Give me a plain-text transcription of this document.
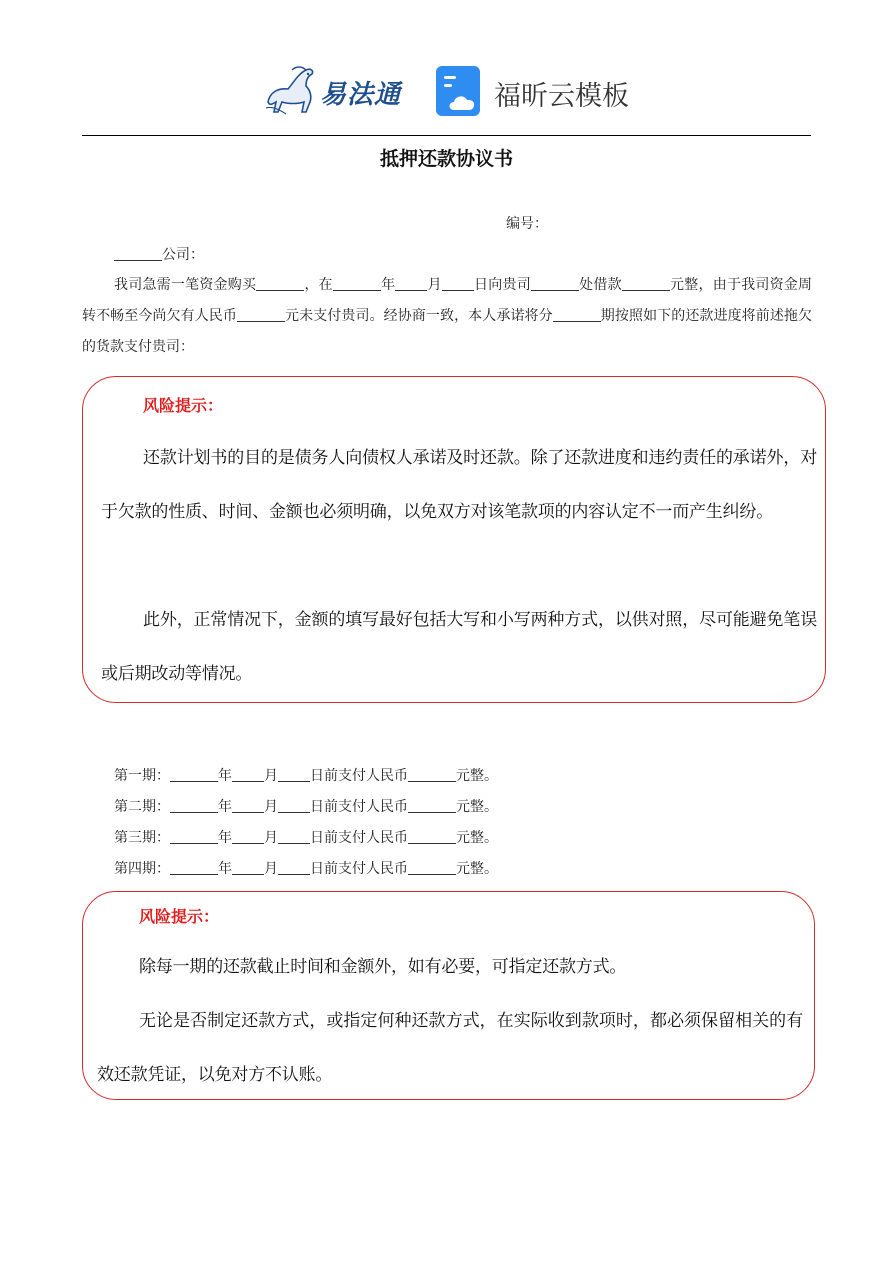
易法通	福昕云模板
抵押还款协议书
编号：
公司：
我司急需一笔资金购买	，在	年 月 日向贵司	处借款	元整，由于我司资金周转不畅至今尚欠有人民币	元未支付贵司。经协商一致，本人承诺将分	期按照如下的还款进度将前述拖欠的货款支付贵司：
风险提示：
还款计划书的目的是债务人向债权人承诺及时还款。除了还款进度和违约责任的承诺外，对于欠款的性质、时间、金额也必须明确，以免双方对该笔款项的内容认定不一而产生纠纷。
此外，正常情况下，金额的填写最好包括大写和小写两种方式，以供对照，尽可能避免笔误或后期改动等情况。
第一期：	年 月 日前支付人民币	元整。
第二期：	年 月 日前支付人民币	元整。
第三期：	年 月 日前支付人民币	元整。
第四期：	年 月 日前支付人民币	元整。
风险提示：
除每一期的还款截止时间和金额外，如有必要，可指定还款方式。
无论是否制定还款方式，或指定何种还款方式，在实际收到款项时，都必须保留相关的有效还款凭证，以免对方不认账。
